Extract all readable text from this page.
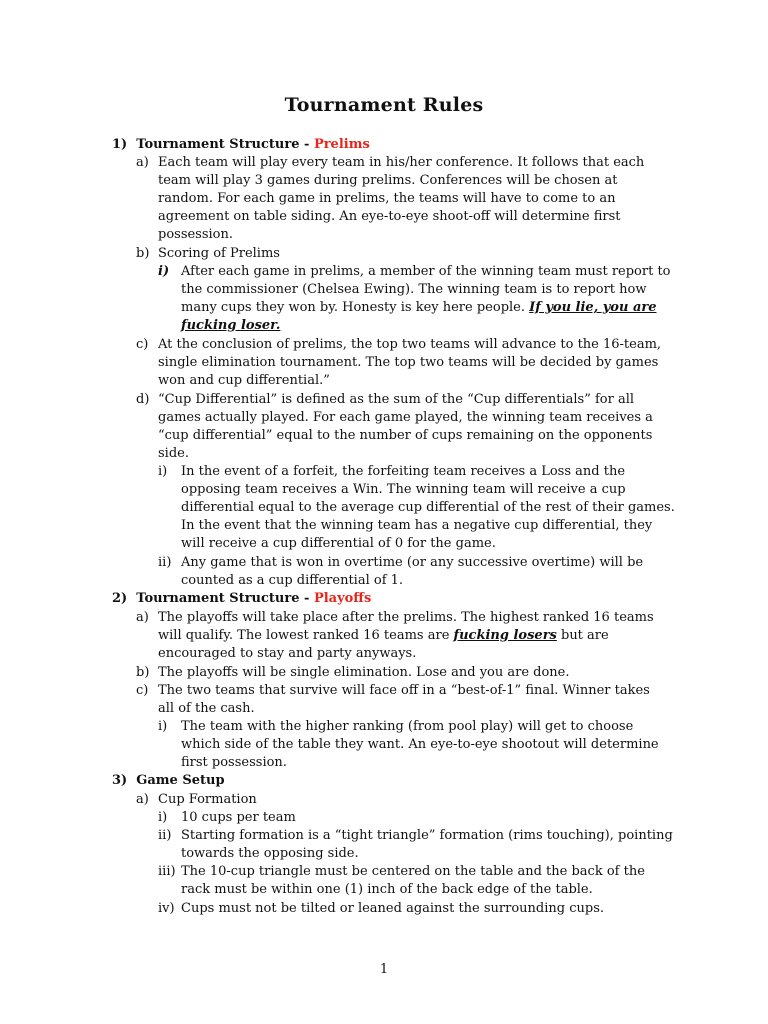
Tournament Rules
1) Tournament Structure - Prelims
a) Each team will play every team in his/her conference. It follows that each
team will play 3 games during prelims. Conferences will be chosen at
random. For each game in prelims, the teams will have to come to an
agreement on table siding. An eye-to-eye shoot-off will determine first
possession.
b) Scoring of Prelims
i) After each game in prelims, a member of the winning team must report to
the commissioner (Chelsea Ewing). The winning team is to report how
many cups they won by. Honesty is key here people. If you lie, you are
fucking loser.
c) At the conclusion of prelims, the top two teams will advance to the 16-team,
single elimination tournament. The top two teams will be decided by games
won and cup differential.”
d) “Cup Differential” is defined as the sum of the “Cup differentials” for all
games actually played. For each game played, the winning team receives a
“cup differential” equal to the number of cups remaining on the opponents
side.
i) In the event of a forfeit, the forfeiting team receives a Loss and the
opposing team receives a Win. The winning team will receive a cup
differential equal to the average cup differential of the rest of their games.
In the event that the winning team has a negative cup differential, they
will receive a cup differential of 0 for the game.
ii) Any game that is won in overtime (or any successive overtime) will be
counted as a cup differential of 1.
2) Tournament Structure - Playoffs
a) The playoffs will take place after the prelims. The highest ranked 16 teams
will qualify. The lowest ranked 16 teams are fucking losers but are
encouraged to stay and party anyways.
b) The playoffs will be single elimination. Lose and you are done.
c) The two teams that survive will face off in a “best-of-1” final. Winner takes
all of the cash.
i) The team with the higher ranking (from pool play) will get to choose
which side of the table they want. An eye-to-eye shootout will determine
first possession.
3) Game Setup
a) Cup Formation
i) 10 cups per team
ii) Starting formation is a “tight triangle” formation (rims touching), pointing
towards the opposing side.
iii) The 10-cup triangle must be centered on the table and the back of the
rack must be within one (1) inch of the back edge of the table.
iv) Cups must not be tilted or leaned against the surrounding cups.
1
